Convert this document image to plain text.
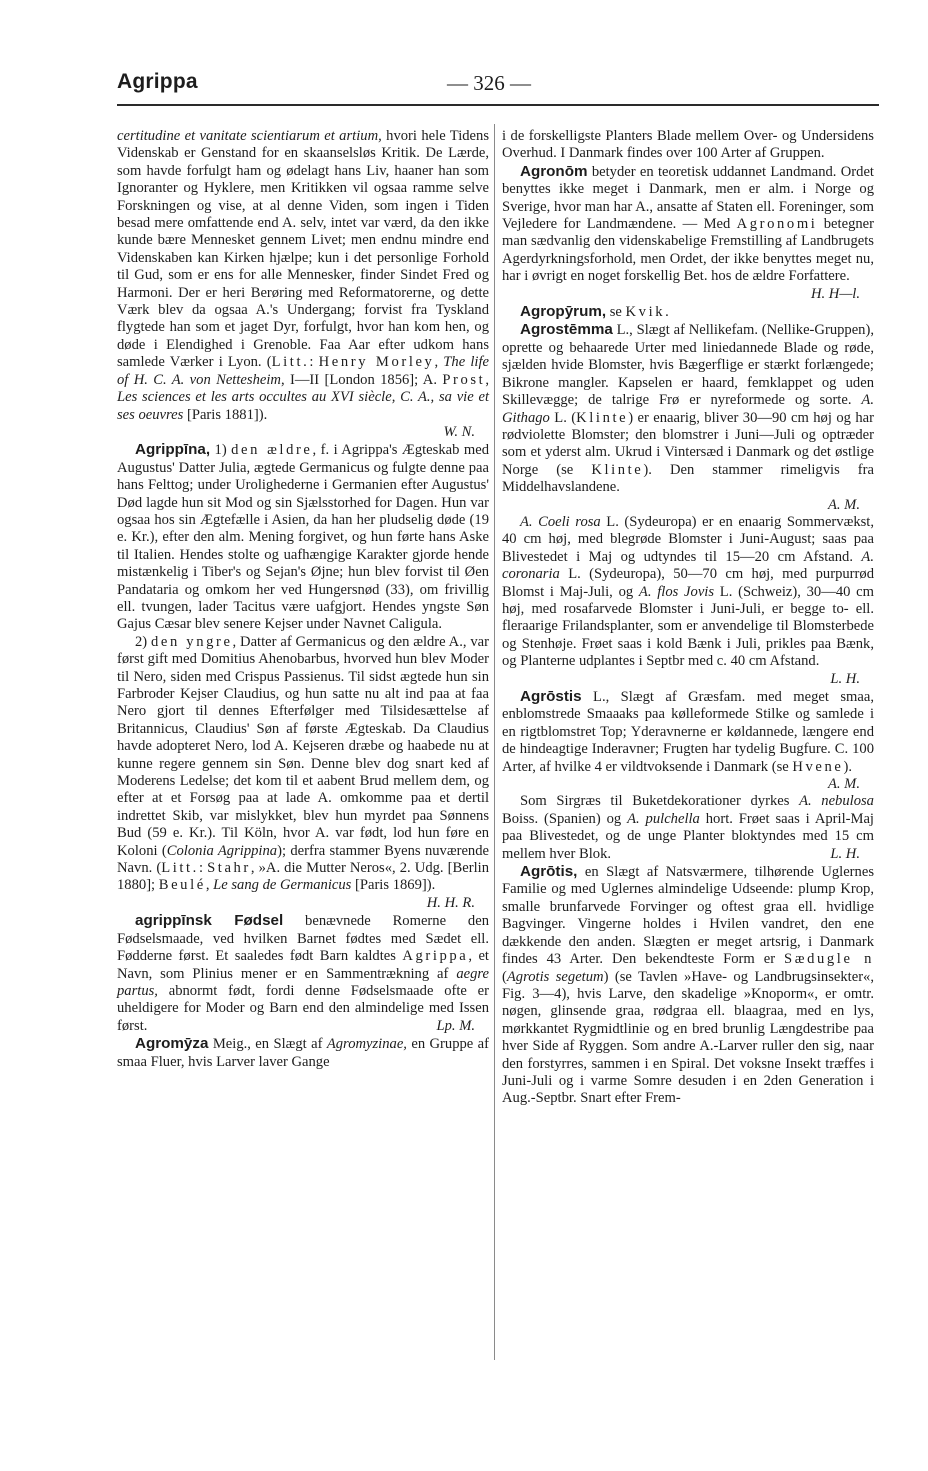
Agrippa	— 326 —

certitudine et vanitate scientiarum et artium, hvori hele Tidens Videnskab er Genstand for en skaanselsløs Kritik. De Lærde, som havde forfulgt ham og ødelagt hans Liv, haaner han som Ignoranter og Hyklere, men Kritikken vil ogsaa ramme selve Forskningen og vise, at al denne Viden, som ingen i Tiden besad mere omfattende end A. selv, intet var værd, da den ikke kunde bære Mennesket gennem Livet; men endnu mindre end Videnskaben kan Kirken hjælpe; kun i det personlige Forhold til Gud, som er ens for alle Mennesker, finder Sindet Fred og Harmoni. Der er heri Berøring med Reformatorerne, og dette Værk blev da ogsaa A.'s Undergang; forvist fra Tyskland flygtede han som et jaget Dyr, forfulgt, hvor han kom hen, og døde i Elendighed i Grenoble. Faa Aar efter udkom hans samlede Værker i Lyon. (Litt.: Henry Morley, The life of H. C. A. von Nettesheim, I—II [London 1856]; A. Prost, Les sciences et les arts occultes au XVI siècle, C. A., sa vie et ses oeuvres [Paris 1881]).

W. N.

Agrippīna, 1) den ældre, f. i Agrippa's Ægteskab med Augustus' Datter Julia, ægtede Germanicus og fulgte denne paa hans Felttog; under Urolighederne i Germanien efter Augustus' Død lagde hun sit Mod og sin Sjælsstorhed for Dagen. Hun var ogsaa hos sin Ægtefælle i Asien, da han her pludselig døde (19 e. Kr.), efter den alm. Mening forgivet, og hun førte hans Aske til Italien. Hendes stolte og uafhængige Karakter gjorde hende mistænkelig i Tiber's og Sejan's Øjne; hun blev forvist til Øen Pandataria og omkom her ved Hungersnød (33), om frivillig ell. tvungen, lader Tacitus være uafgjort. Hendes yngste Søn Gajus Cæsar blev senere Kejser under Navnet Caligula.

2) den yngre, Datter af Germanicus og den ældre A., var først gift med Domitius Ahenobarbus, hvorved hun blev Moder til Nero, siden med Crispus Passienus. Til sidst ægtede hun sin Farbroder Kejser Claudius, og hun satte nu alt ind paa at faa Nero gjort til dennes Efterfølger med Tilsidesættelse af Britannicus, Claudius' Søn af første Ægteskab. Da Claudius havde adopteret Nero, lod A. Kejseren dræbe og haabede nu at kunne regere gennem sin Søn. Denne blev dog snart ked af Moderens Ledelse; det kom til et aabent Brud mellem dem, og efter at et Forsøg paa at lade A. omkomme paa et dertil indrettet Skib, var mislykket, blev hun myrdet paa Sønnens Bud (59 e. Kr.). Til Köln, hvor A. var født, lod hun føre en Koloni (Colonia Agrippina); derfra stammer Byens nuværende Navn. (Litt.: Stahr, »A. die Mutter Neros«, 2. Udg. [Berlin 1880]; Beulé, Le sang de Germanicus [Paris 1869]).
H. H. R.

agrippīnsk Fødsel benævnede Romerne den Fødselsmaade, ved hvilken Barnet fødtes med Sædet ell. Fødderne først. Et saaledes født Barn kaldtes Agrippa, et Navn, som Plinius mener er en Sammentrækning af aegre partus, abnormt født, fordi denne Fødselsmaade ofte er uheldigere for Moder og Barn end den almindelige med Issen først.	Lp. M.

Agromȳza Meig., en Slægt af Agromyzinae, en Gruppe af smaa Fluer, hvis Larver laver Gange

i de forskelligste Planters Blade mellem Over- og Undersidens Overhud. I Danmark findes over 100 Arter af Gruppen.

Agronōm betyder en teoretisk uddannet Landmand. Ordet benyttes ikke meget i Danmark, men er alm. i Norge og Sverige, hvor man har A., ansatte af Staten ell. Foreninger, som Vejledere for Landmændene. — Med Agronomi betegner man sædvanlig den videnskabelige Fremstilling af Landbrugets Agerdyrkningsforhold, men Ordet, der ikke benyttes meget nu, har i øvrigt en noget forskellig Bet. hos de ældre Forfattere.
H. H—l.

Agropȳrum, se Kvik.

Agrostēmma L., Slægt af Nellikefam. (Nellike-Gruppen), oprette og behaarede Urter med liniedannede Blade og røde, sjælden hvide Blomster, hvis Bægerflige er stærkt forlængede; Bikrone mangler. Kapselen er haard, femklappet og uden Skillevægge; de talrige Frø er nyreformede og sorte. A. Githago L. (Klinte) er enaarig, bliver 30—90 cm høj og har rødviolette Blomster; den blomstrer i Juni—Juli og optræder som et yderst alm. Ukrud i Vintersæd i Danmark og det østlige Norge (se Klinte). Den stammer rimeligvis fra Middelhavslandene.

A. M.

A. Coeli rosa L. (Sydeuropa) er en enaarig Sommervækst, 40 cm høj, med blegrøde Blomster i Juni-August; saas paa Blivestedet i Maj og udtyndes til 15—20 cm Afstand. A. coronaria L. (Sydeuropa), 50—70 cm høj, med purpurrød Blomst i Maj-Juli, og A. flos Jovis L. (Schweiz), 30—40 cm høj, med rosafarvede Blomster i Juni-Juli, er begge to- ell. fleraarige Frilandsplanter, som er anvendelige til Blomsterbede og Stenhøje. Frøet saas i kold Bænk i Juli, prikles paa Bænk, og Planterne udplantes i Septbr med c. 40 cm Afstand.
L. H.

Agrōstis L., Slægt af Græsfam. med meget smaa, enblomstrede Smaaaks paa kølleformede Stilke og samlede i en rigtblomstret Top; Yderavnerne er køldannede, længere end de hindeagtige Inderavner; Frugten har tydelig Bugfure. C. 100 Arter, af hvilke 4 er vildtvoksende i Danmark (se Hvene).
A. M.

Som Sirgræs til Buketdekorationer dyrkes A. nebulosa Boiss. (Spanien) og A. pulchella hort. Frøet saas i April-Maj paa Blivestedet, og de unge Planter bloktyndes med 15 cm mellem hver Blok.	L. H.

Agrōtis, en Slægt af Natsværmere, tilhørende Uglernes Familie og med Uglernes almindelige Udseende: plump Krop, smalle brunfarvede Forvinger og oftest graa ell. hvidlige Bagvinger. Vingerne holdes i Hvilen vandret, den ene dækkende den anden. Slægten er meget artsrig, i Danmark findes 43 Arter. Den bekendteste Form er Sædugle n (Agrotis segetum) (se Tavlen »Have- og Landbrugsinsekter«, Fig. 3—4), hvis Larve, den skadelige »Knoporm«, er omtr. nøgen, glinsende graa, rødgraa ell. blaagraa, med en lys, mørkkantet Rygmidtlinie og en bred brunlig Længdestribe paa hver Side af Ryggen. Som andre A.-Larver ruller den sig, naar den forstyrres, sammen i en Spiral. Det voksne Insekt træffes i Juni-Juli og i varme Somre desuden i en 2den Generation i Aug.-Septbr. Snart efter Frem-
